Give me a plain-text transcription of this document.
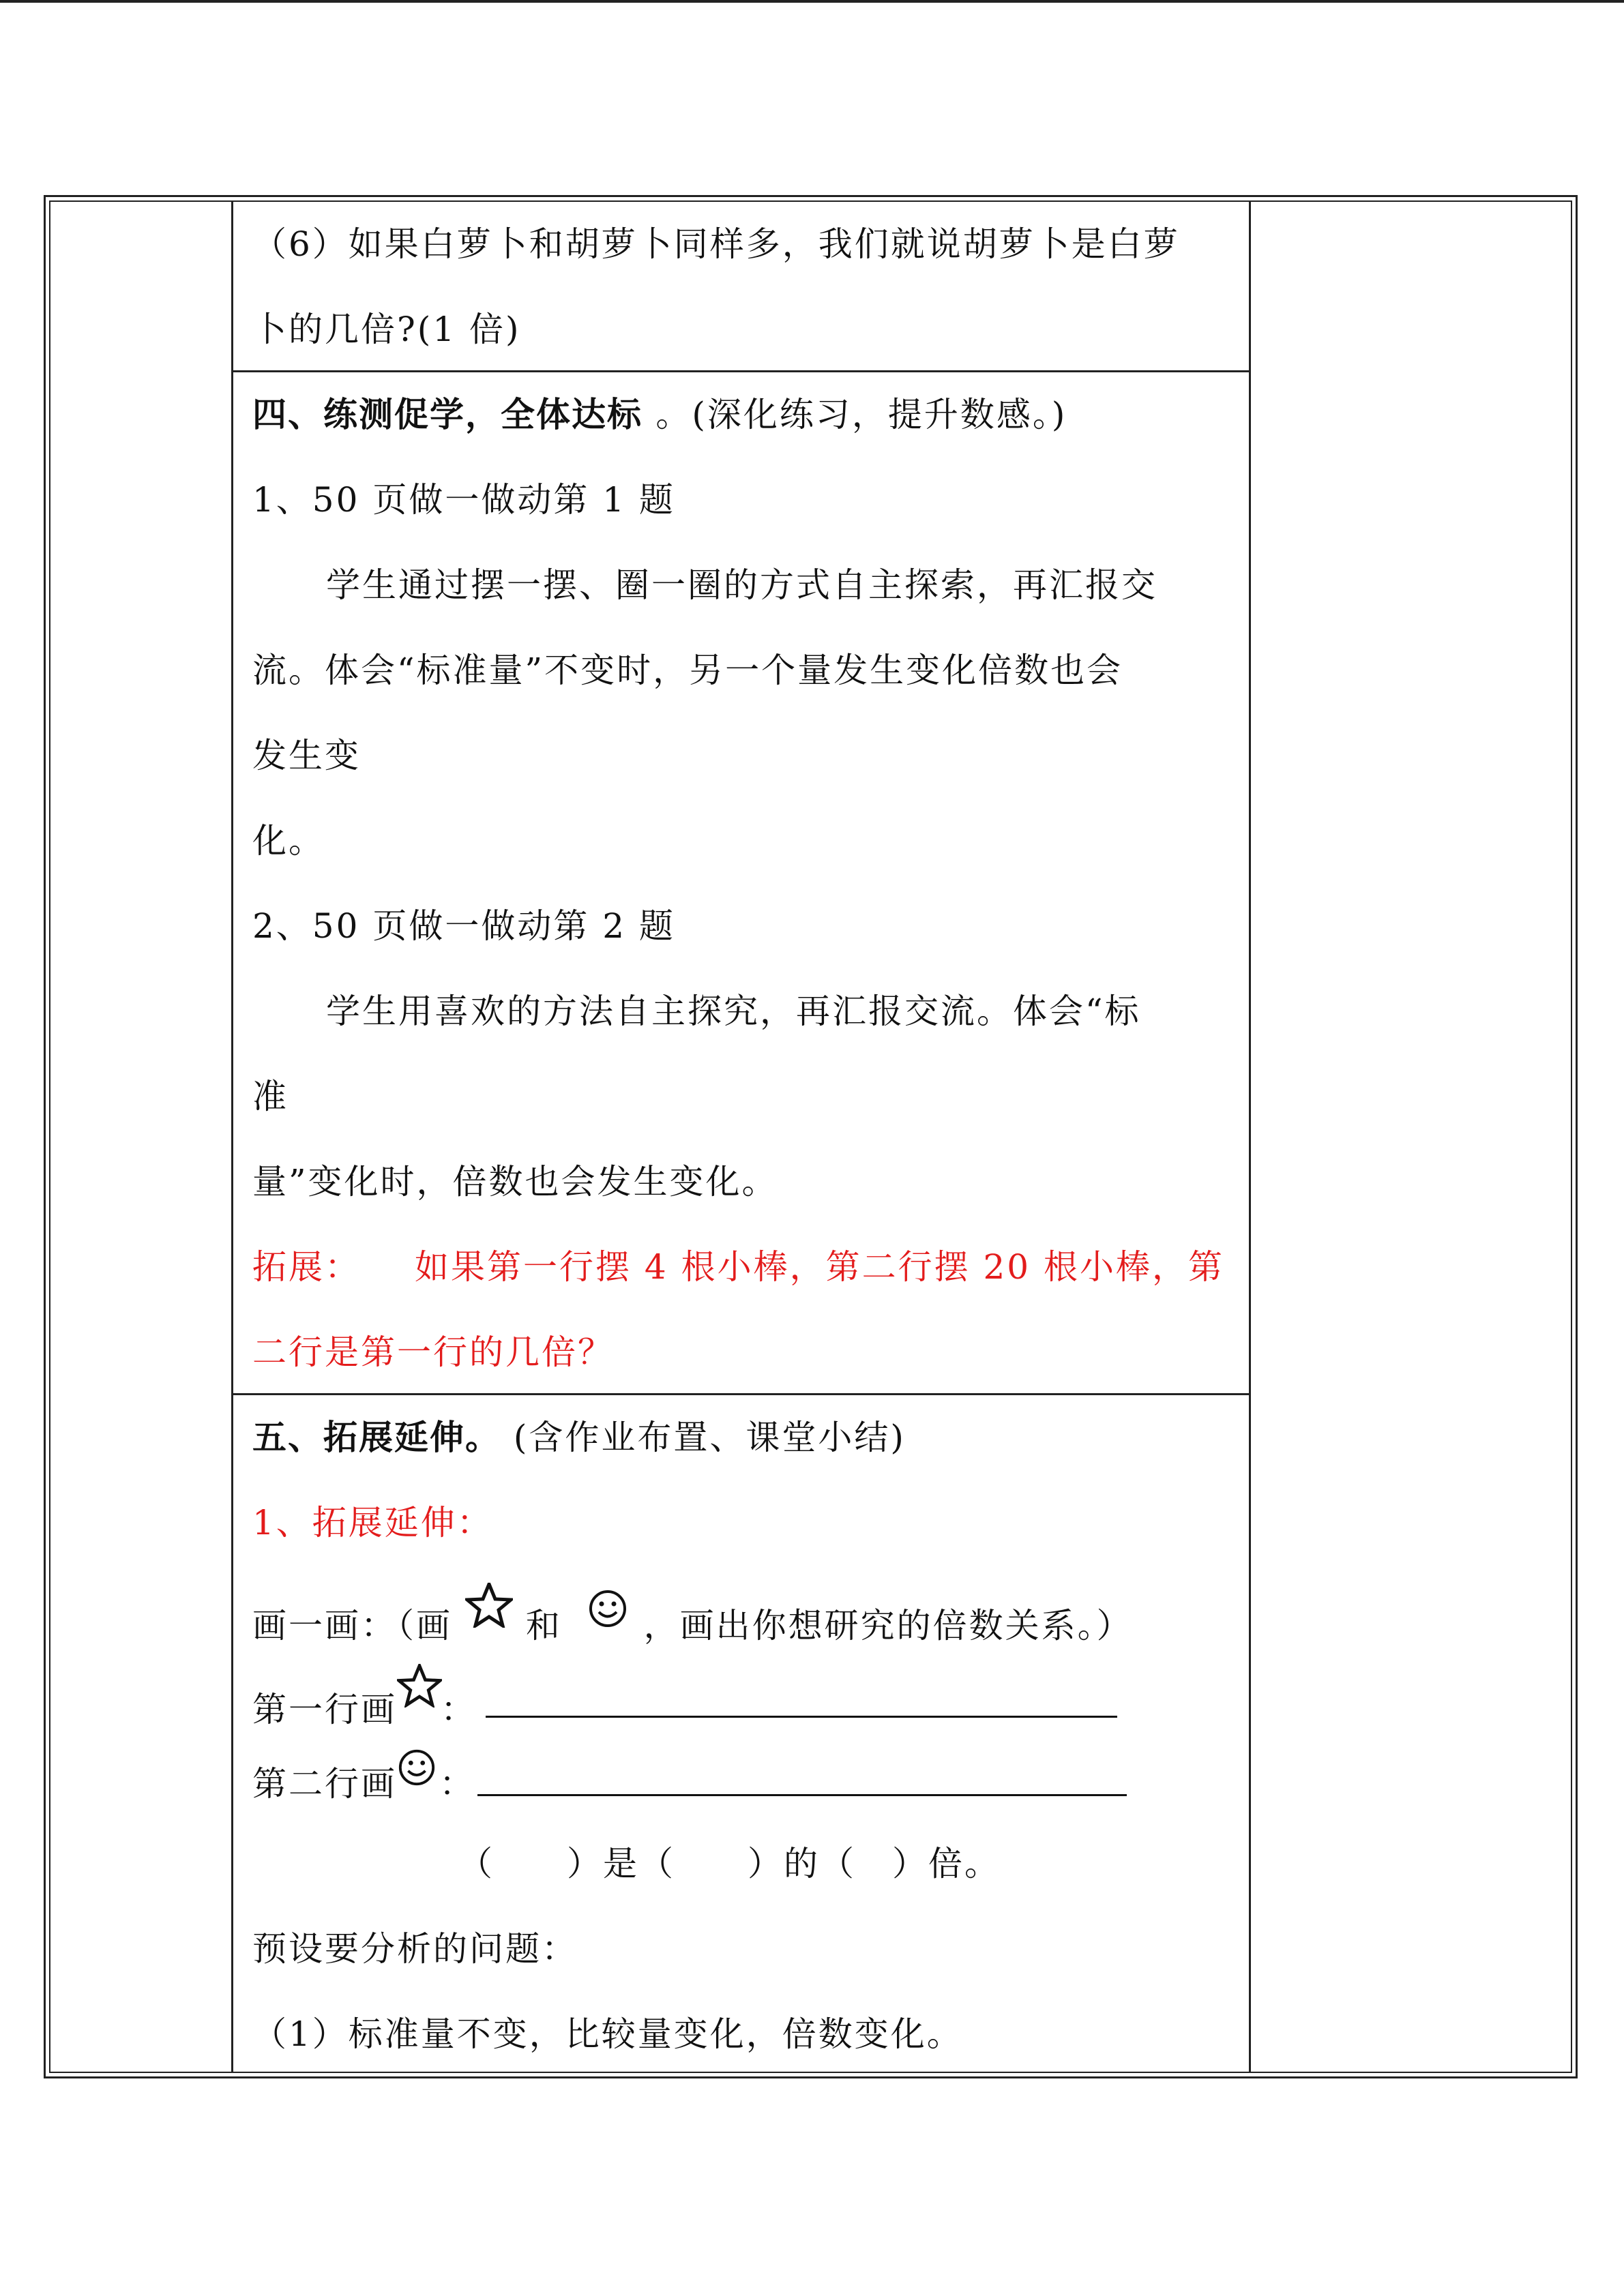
（6）如果白萝卜和胡萝卜同样多，我们就说胡萝卜是白萝
卜的几倍?(1 倍)
四、练测促学，全体达标 。(深化练习，提升数感。)
1、50 页做一做动第 1 题
学生通过摆一摆、圈一圈的方式自主探索，再汇报交
流。体会“标准量”不变时，另一个量发生变化倍数也会
发生变
化。
2、50 页做一做动第 2 题
学生用喜欢的方法自主探究，再汇报交流。体会“标
准
量”变化时，倍数也会发生变化。
拓展： 如果第一行摆 4 根小棒，第二行摆 20 根小棒，第
二行是第一行的几倍？
五、拓展延伸。 (含作业布置、课堂小结)
1、拓展延伸：
画一画：（画 和 ，画出你想研究的倍数关系。）
第一行画 ：
第二行画 ：
（　　）是（　　）的（　）倍。
预设要分析的问题：
（1）标准量不变，比较量变化，倍数变化。
